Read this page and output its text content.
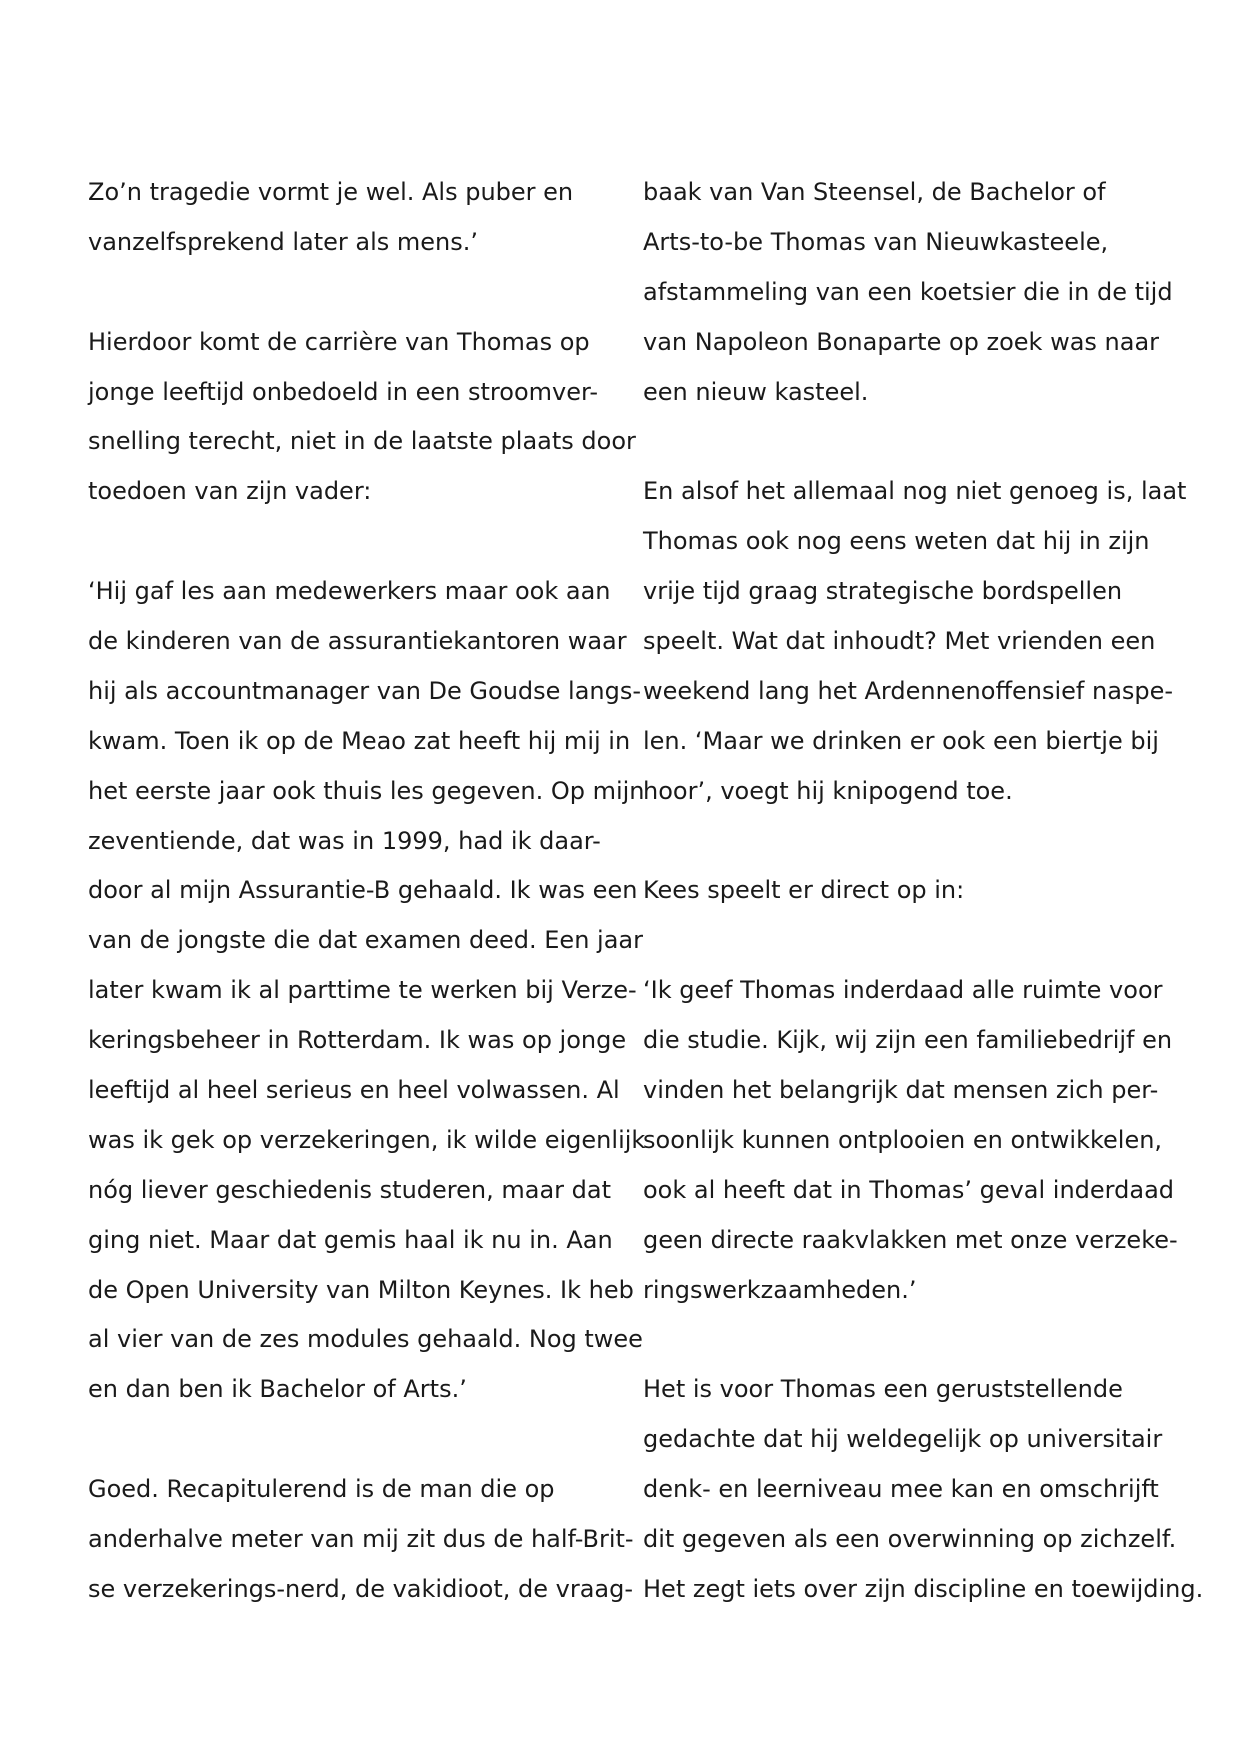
Zo’n tragedie vormt je wel. Als puber en
vanzelfsprekend later als mens.’
Hierdoor komt de carrière van Thomas op
jonge leeftijd onbedoeld in een stroomver-
snelling terecht, niet in de laatste plaats door
toedoen van zijn vader:
‘Hij gaf les aan medewerkers maar ook aan
de kinderen van de assurantiekantoren waar
hij als accountmanager van De Goudse langs-
kwam. Toen ik op de Meao zat heeft hij mij in
het eerste jaar ook thuis les gegeven. Op mijn
zeventiende, dat was in 1999, had ik daar-
door al mijn Assurantie-B gehaald. Ik was een
van de jongste die dat examen deed. Een jaar
later kwam ik al parttime te werken bij Verze-
keringsbeheer in Rotterdam. Ik was op jonge
leeftijd al heel serieus en heel volwassen. Al
was ik gek op verzekeringen, ik wilde eigenlijk
nóg liever geschiedenis studeren, maar dat
ging niet. Maar dat gemis haal ik nu in. Aan
de Open University van Milton Keynes. Ik heb
al vier van de zes modules gehaald. Nog twee
en dan ben ik Bachelor of Arts.’
Goed. Recapitulerend is de man die op
anderhalve meter van mij zit dus de half-Brit-
se verzekerings-nerd, de vakidioot, de vraag-
baak van Van Steensel, de Bachelor of
Arts-to-be Thomas van Nieuwkasteele,
afstammeling van een koetsier die in de tijd
van Napoleon Bonaparte op zoek was naar
een nieuw kasteel.
En alsof het allemaal nog niet genoeg is, laat
Thomas ook nog eens weten dat hij in zijn
vrije tijd graag strategische bordspellen
speelt. Wat dat inhoudt? Met vrienden een
weekend lang het Ardennenoffensief naspe-
len. ‘Maar we drinken er ook een biertje bij
hoor’, voegt hij knipogend toe.
Kees speelt er direct op in:
‘Ik geef Thomas inderdaad alle ruimte voor
die studie. Kijk, wij zijn een familiebedrijf en
vinden het belangrijk dat mensen zich per-
soonlijk kunnen ontplooien en ontwikkelen,
ook al heeft dat in Thomas’ geval inderdaad
geen directe raakvlakken met onze verzeke-
ringswerkzaamheden.’
Het is voor Thomas een geruststellende
gedachte dat hij weldegelijk op universitair
denk- en leerniveau mee kan en omschrijft
dit gegeven als een overwinning op zichzelf.
Het zegt iets over zijn discipline en toewijding.
